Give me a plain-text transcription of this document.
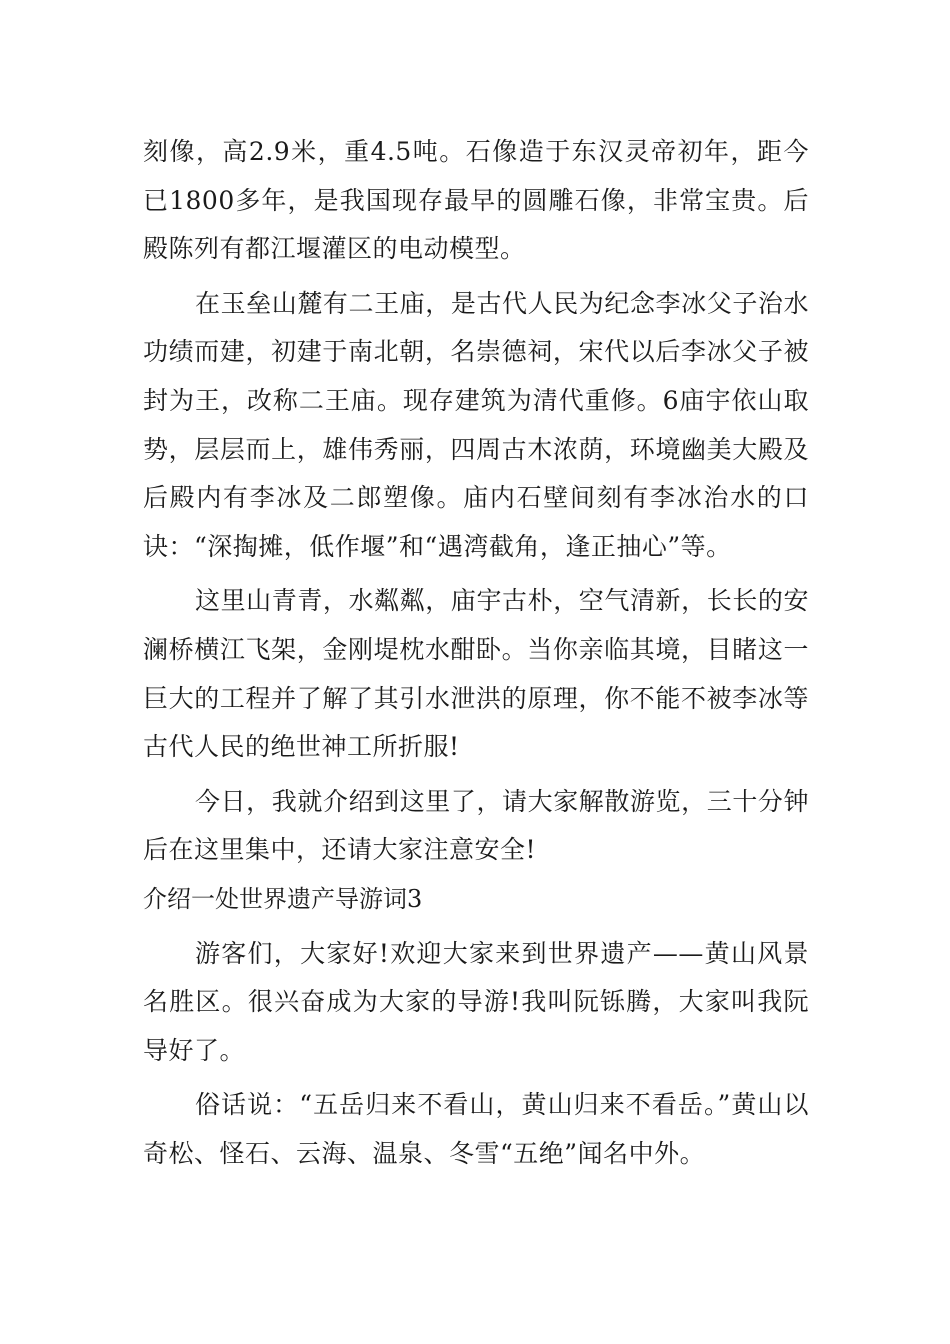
刻像，高2.9米，重4.5吨。石像造于东汉灵帝初年，距今已1800多年，是我国现存最早的圆雕石像，非常宝贵。后殿陈列有都江堰灌区的电动模型。

在玉垒山麓有二王庙，是古代人民为纪念李冰父子治水功绩而建，初建于南北朝，名崇德祠，宋代以后李冰父子被封为王，改称二王庙。现存建筑为清代重修。6庙宇依山取势，层层而上，雄伟秀丽，四周古木浓荫，环境幽美大殿及后殿内有李冰及二郎塑像。庙内石壁间刻有李冰治水的口诀：“深掏摊，低作堰”和“遇湾截角，逢正抽心”等。

这里山青青，水粼粼，庙宇古朴，空气清新，长长的安澜桥横江飞架，金刚堤枕水酣卧。当你亲临其境，目睹这一巨大的工程并了解了其引水泄洪的原理，你不能不被李冰等古代人民的绝世神工所折服!

今日，我就介绍到这里了，请大家解散游览，三十分钟后在这里集中，还请大家注意安全!

介绍一处世界遗产导游词3

游客们，大家好!欢迎大家来到世界遗产——黄山风景名胜区。很兴奋成为大家的导游!我叫阮铄腾，大家叫我阮导好了。

俗话说：“五岳归来不看山，黄山归来不看岳。”黄山以奇松、怪石、云海、温泉、冬雪“五绝”闻名中外。
